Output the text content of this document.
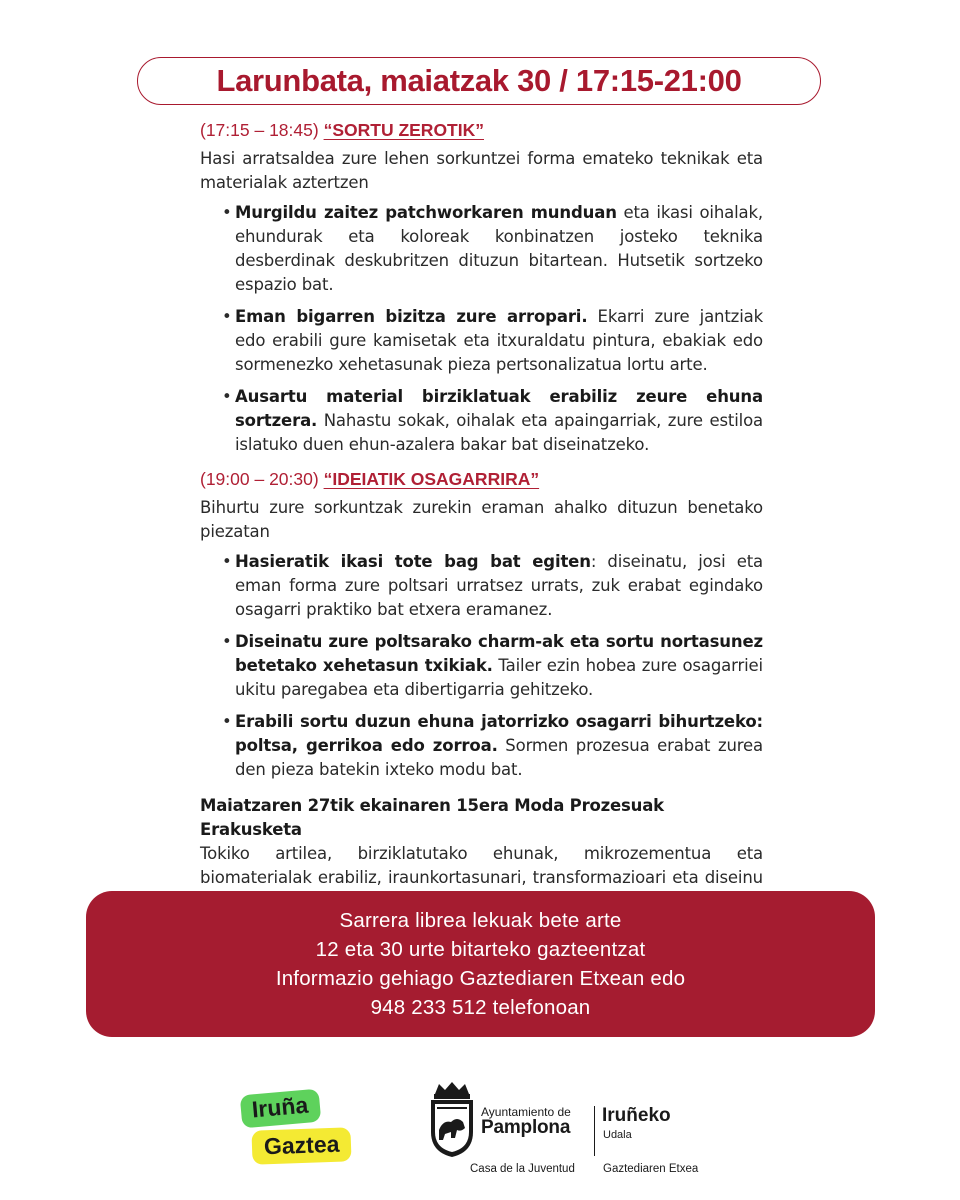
Larunbata, maiatzak 30 / 17:15-21:00
(17:15 – 18:45) “SORTU ZEROTIK”
Hasi arratsaldea zure lehen sorkuntzei forma emateko teknikak eta materialak aztertzen
• Murgildu zaitez patchworkaren munduan eta ikasi oihalak, ehundurak eta koloreak konbinatzen josteko teknika desberdinak deskubritzen dituzun bitartean. Hutsetik sortzeko espazio bat.
• Eman bigarren bizitza zure arropari. Ekarri zure jantziak edo erabili gure kamisetak eta itxuraldatu pintura, ebakiak edo sormenezko xehetasunak pieza pertsonalizatua lortu arte.
• Ausartu material birziklatuak erabiliz zeure ehuna sortzera. Nahastu sokak, oihalak eta apaingarriak, zure estiloa islatuko duen ehun-azalera bakar bat diseinatzeko.
(19:00 – 20:30) “IDEIATIK OSAGARRIRA”
Bihurtu zure sorkuntzak zurekin eraman ahalko dituzun benetako piezatan
• Hasieratik ikasi tote bag bat egiten: diseinatu, josi eta eman forma zure poltsari urratsez urrats, zuk erabat egindako osagarri praktiko bat etxera eramanez.
• Diseinatu zure poltsarako charm-ak eta sortu nortasunez betetako xehetasun txikiak. Tailer ezin hobea zure osagarriei ukitu paregabea eta dibertigarria gehitzeko.
• Erabili sortu duzun ehuna jatorrizko osagarri bihurtzeko: poltsa, gerrikoa edo zorroa. Sormen prozesua erabat zurea den pieza batekin ixteko modu bat.
Maiatzaren 27tik ekainaren 15era Moda Prozesuak Erakusketa
Tokiko artilea, birziklatutako ehunak, mikrozementua eta biomaterialak erabiliz, iraunkortasunari, transformazioari eta diseinu
Sarrera librea lekuak bete arte
12 eta 30 urte bitarteko gazteentzat
Informazio gehiago Gaztediaren Etxean edo
948 233 512 telefonoan
Iruña
Gaztea
Ayuntamiento de
Pamplona
Iruñeko
Udala
Casa de la Juventud Gaztediaren Etxea
